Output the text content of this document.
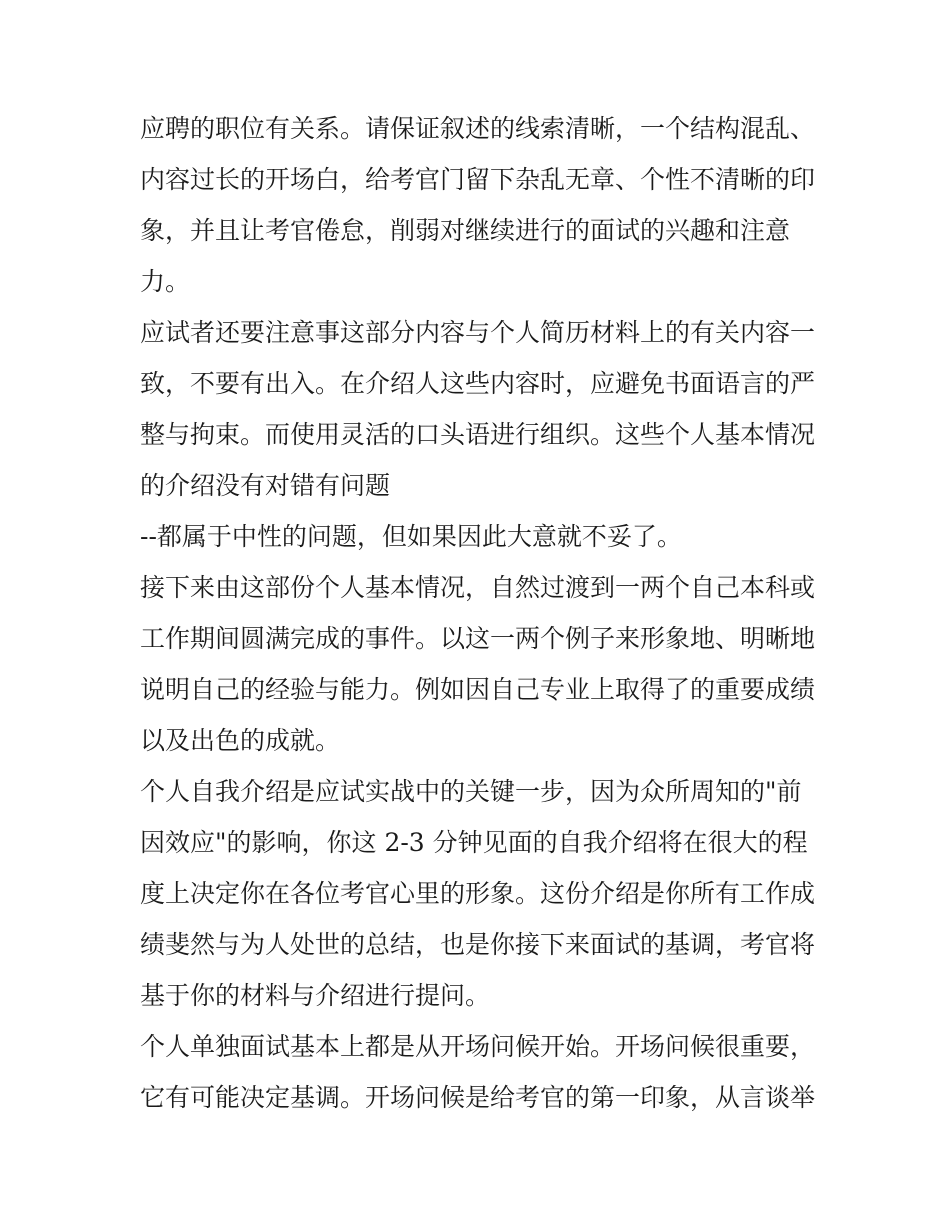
应聘的职位有关系。请保证叙述的线索清晰，一个结构混乱、
内容过长的开场白，给考官门留下杂乱无章、个性不清晰的印
象，并且让考官倦怠，削弱对继续进行的面试的兴趣和注意
力。

应试者还要注意事这部分内容与个人简历材料上的有关内容一
致，不要有出入。在介绍人这些内容时，应避免书面语言的严
整与拘束。而使用灵活的口头语进行组织。这些个人基本情况
的介绍没有对错有问题

--都属于中性的问题，但如果因此大意就不妥了。

接下来由这部份个人基本情况，自然过渡到一两个自己本科或
工作期间圆满完成的事件。以这一两个例子来形象地、明晰地
说明自己的经验与能力。例如因自己专业上取得了的重要成绩
以及出色的成就。

个人自我介绍是应试实战中的关键一步，因为众所周知的"前
因效应"的影响，你这 2-3 分钟见面的自我介绍将在很大的程
度上决定你在各位考官心里的形象。这份介绍是你所有工作成
绩斐然与为人处世的总结，也是你接下来面试的基调，考官将
基于你的材料与介绍进行提问。

个人单独面试基本上都是从开场问候开始。开场问候很重要，
它有可能决定基调。开场问候是给考官的第一印象，从言谈举
